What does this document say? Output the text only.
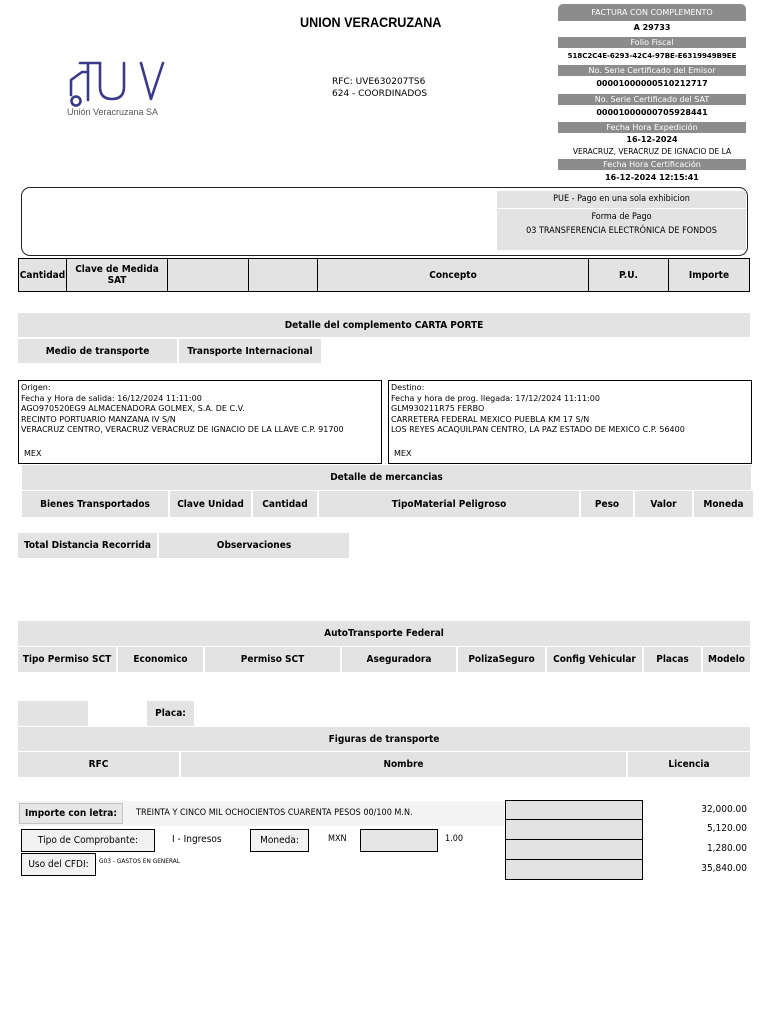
UNION VERACRUZANA
Unión Veracruzana SA
RFC: UVE630207TS6
624 - COORDINADOS
FACTURA CON COMPLEMENTO
A 29733
Folio Fiscal
518C2C4E-6293-42C4-97BE-E6319949B9EE
No. Serie Certificado del Emisor
00001000000510212717
No. Serie Certificado del SAT
00001000000705928441
Fecha Hora Expedición
16-12-2024
VERACRUZ, VERACRUZ DE IGNACIO DE LA
Fecha Hora Certificación
16-12-2024 12:15:41
PUE - Pago en una sola exhibicion
Forma de Pago
03 TRANSFERENCIA ELECTRÓNICA DE FONDOS
Cantidad Clave de Medida SAT	Concepto	P.U.	Importe
Detalle del complemento CARTA PORTE
Medio de transporte	Transporte Internacional
Origen:
Fecha y Hora de salida: 16/12/2024 11:11:00
AGO970520EG9 ALMACENADORA GOLMEX, S.A. DE C.V.
RECINTO PORTUARIO MANZANA IV S/N
VERACRUZ CENTRO, VERACRUZ VERACRUZ DE IGNACIO DE LA LLAVE C.P. 91700
MEX
Destino:
Fecha y hora de prog. llegada: 17/12/2024 11:11:00
GLM930211R75 FERBO
CARRETERA FEDERAL MEXICO PUEBLA KM 17 S/N
LOS REYES ACAQUILPAN CENTRO, LA PAZ ESTADO DE MEXICO C.P. 56400
MEX
Detalle de mercancias
Bienes Transportados	Clave Unidad	Cantidad	TipoMaterial Peligroso	Peso	Valor	Moneda
Total Distancia Recorrida	Observaciones
AutoTransporte Federal
Tipo Permiso SCT	Economico	Permiso SCT	Aseguradora	PolizaSeguro	Config Vehicular	Placas	Modelo
Placa:
Figuras de transporte
RFC	Nombre	Licencia
Importe con letra:	TREINTA Y CINCO MIL OCHOCIENTOS CUARENTA PESOS 00/100 M.N.
Tipo de Comprobante:	I - Ingresos	Moneda:	MXN	1.00
Uso del CFDI:	G03 - GASTOS EN GENERAL
32,000.00
5,120.00
1,280.00
35,840.00
